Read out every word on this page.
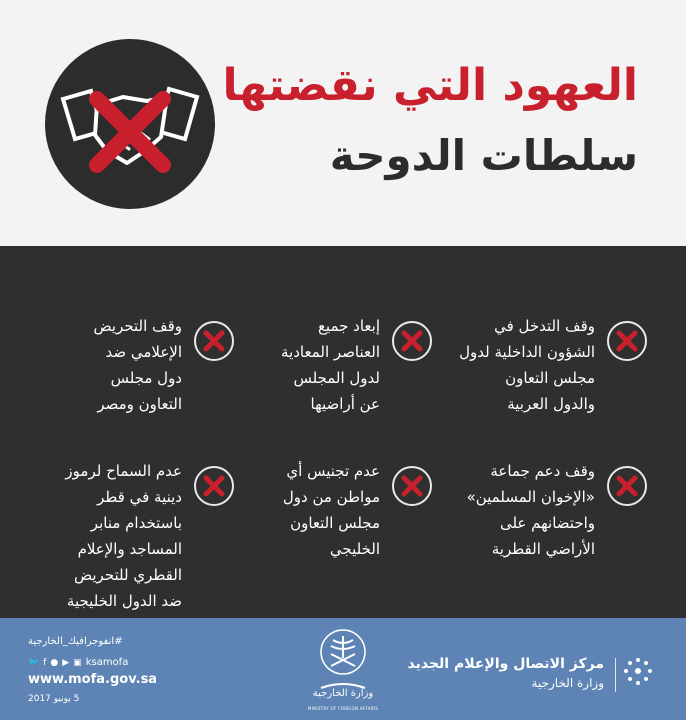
العهود التي نقضتها
سلطات الدوحة
وقف التدخل في
الشؤون الداخلية لدول
مجلس التعاون
والدول العربية
إبعاد جميع
العناصر المعادية
لدول المجلس
عن أراضيها
وقف التحريض
الإعلامي ضد
دول مجلس
التعاون ومصر
وقف دعم جماعة
«الإخوان المسلمين»
واحتضانهم على
الأراضي القطرية
عدم تجنيس أي
مواطن من دول
مجلس التعاون
الخليجي
عدم السماح لرموز
دينية في قطر
باستخدام منابر
المساجد والإعلام
القطري للتحريض
ضد الدول الخليجية
#انفوجرافيك_الخارجية
🐦 f ● ▶ ▣ ksamofa
www.mofa.gov.sa
5 يونيو 2017	وزارة الخارجية
MINISTRY OF FOREIGN AFFAIRS
مركز الاتصال والإعلام الجديد
وزارة الخارجية
